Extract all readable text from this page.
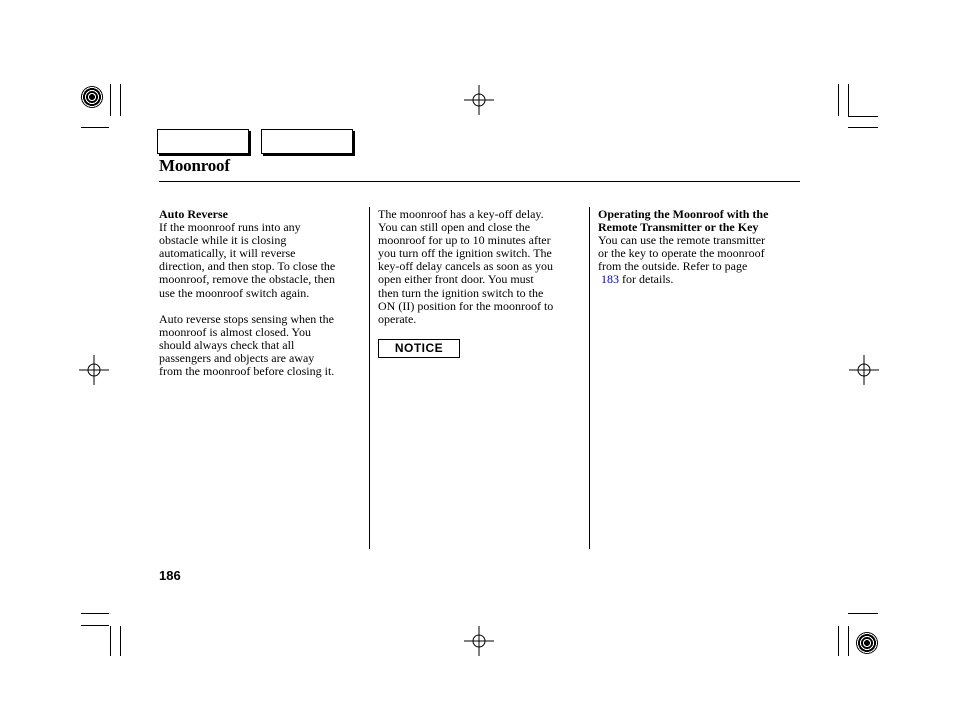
Moonroof

Auto Reverse

If the moonroof runs into any

obstacle while it is closing

automatically, it will reverse

direction, and then stop. To close the

moonroof, remove the obstacle, then

use the moonroof switch again.

Auto reverse stops sensing when the

moonroof is almost closed. You

should always check that all

passengers and objects are away

from the moonroof before closing it.

The moonroof has a key-off delay.

You can still open and close the

moonroof for up to 10 minutes after

you turn off the ignition switch. The

key-off delay cancels as soon as you

open either front door. You must

then turn the ignition switch to the

ON (II) position for the moonroof to

operate.

NOTICE

Operating the Moonroof with the

Remote Transmitter or the Key

You can use the remote transmitter

or the key to operate the moonroof

from the outside. Refer to page

183 for details.

186
